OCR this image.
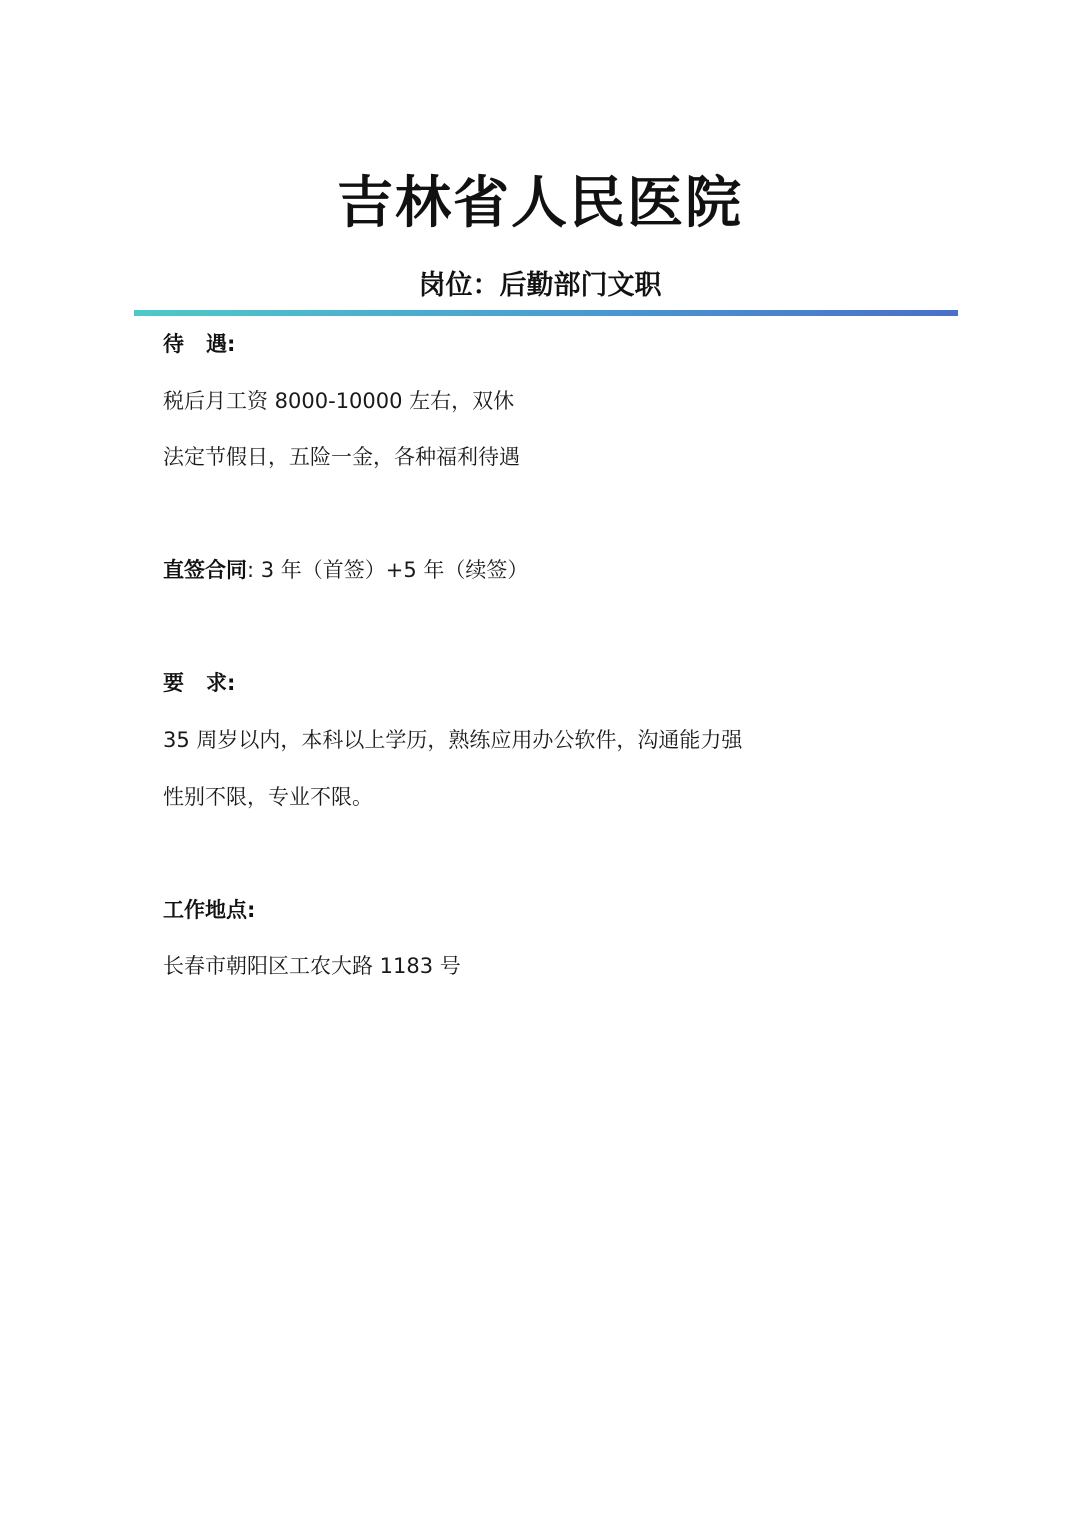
吉林省人民医院
岗位：后勤部门文职
待遇:
税后月工资 8000-10000 左右，双休
法定节假日，五险一金，各种福利待遇
直签合同: 3 年（首签）+5 年（续签）
要求:
35 周岁以内，本科以上学历，熟练应用办公软件，沟通能力强
性别不限，专业不限。
工作地点:
长春市朝阳区工农大路 1183 号
